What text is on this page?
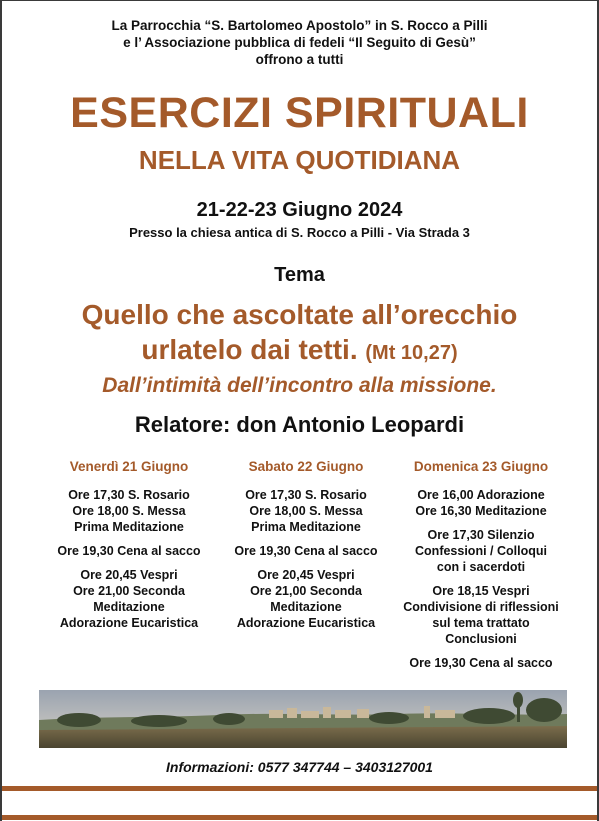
La Parrocchia “S. Bartolomeo Apostolo” in S. Rocco a Pilli
e l’ Associazione pubblica di fedeli “Il Seguito di Gesù”
offrono a tutti
ESERCIZI SPIRITUALI
NELLA VITA QUOTIDIANA
21-22-23 Giugno 2024
Presso la chiesa antica di S. Rocco a Pilli - Via Strada 3
Tema
Quello che ascoltate all’orecchio
urlatelo dai tetti. (Mt 10,27)
Dall’intimità dell’incontro alla missione.
Relatore: don Antonio Leopardi
Venerdì 21 Giugno
Ore 17,30 S. Rosario
Ore 18,00 S. Messa
Prima Meditazione
Ore 19,30 Cena al sacco
Ore 20,45 Vespri
Ore 21,00 Seconda
Meditazione
Adorazione Eucaristica
Sabato 22 Giugno
Ore 17,30 S. Rosario
Ore 18,00 S. Messa
Prima Meditazione
Ore 19,30 Cena al sacco
Ore 20,45 Vespri
Ore 21,00 Seconda
Meditazione
Adorazione Eucaristica
Domenica 23 Giugno
Ore 16,00 Adorazione
Ore 16,30 Meditazione
Ore 17,30 Silenzio
Confessioni / Colloqui
con i sacerdoti
Ore 18,15 Vespri
Condivisione di riflessioni
sul tema trattato
Conclusioni
Ore 19,30 Cena al sacco
Informazioni: 0577 347744 – 3403127001
